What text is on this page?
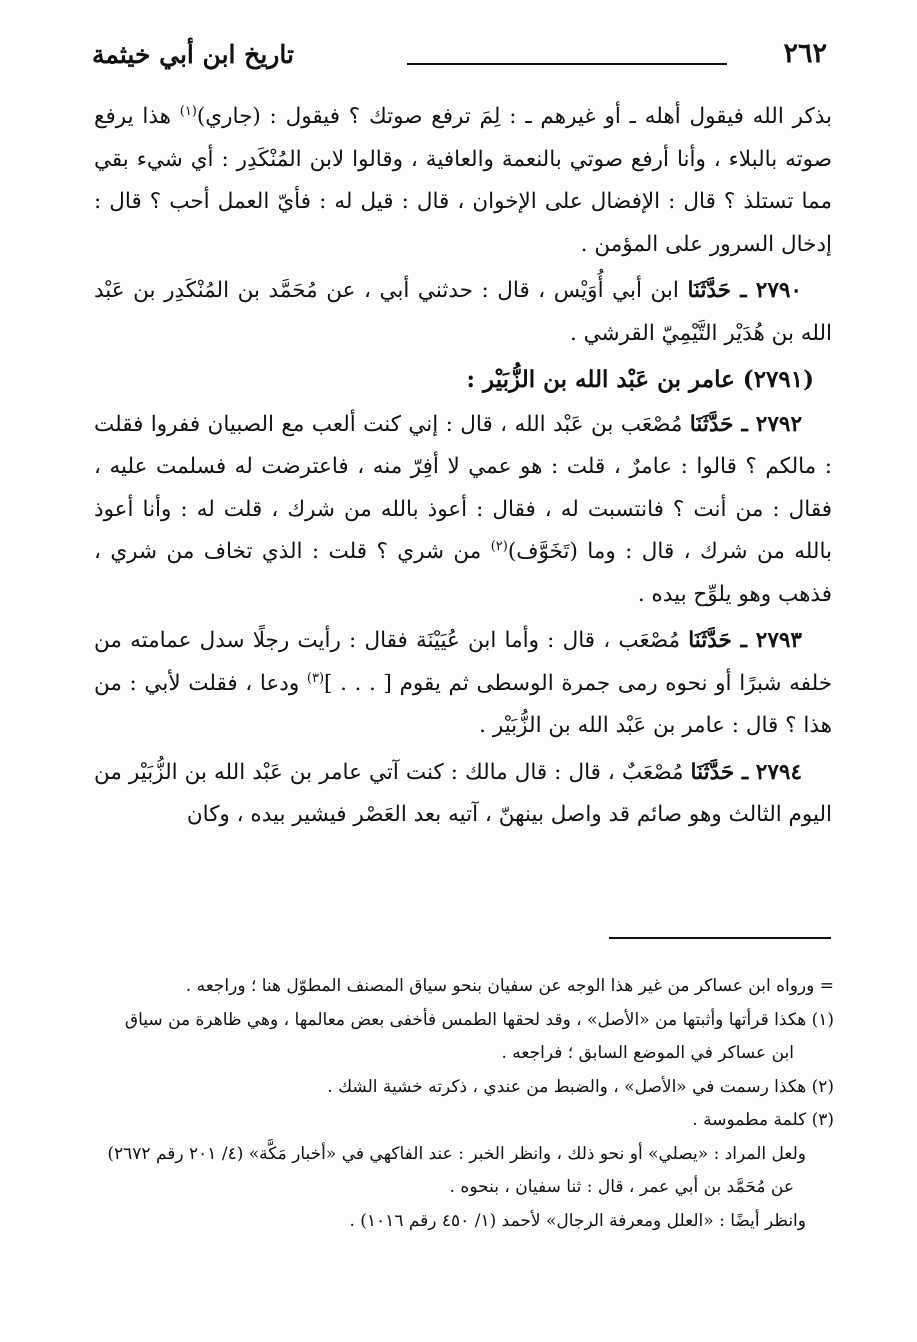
٢٦٢
تاريخ ابن أبي خيثمة

بذكر الله فيقول أهله ـ أو غيرهم ـ : لِمَ ترفع صوتك ؟ فيقول : (جاري)$^{(١)}$ هذا يرفع صوته بالبلاء ، وأنا أرفع صوتي بالنعمة والعافية ، وقالوا لابن المُنْكَدِر : أي شيء بقي مما تستلذ ؟ قال : الإفضال على الإخوان ، قال : قيل له : فأيّ العمل أحب ؟ قال : إدخال السرور على المؤمن .

٢٧٩٠ ـ حَدَّثَنَا ابن أبي أُوَيْس ، قال : حدثني أبي ، عن مُحَمَّد بن المُنْكَدِر بن عَبْد الله بن هُدَيْر التَّيْمِيّ القرشي .

(٢٧٩١) عامر بن عَبْد الله بن الزُّبَيْر :

٢٧٩٢ ـ حَدَّثَنَا مُصْعَب بن عَبْد الله ، قال : إني كنت ألعب مع الصبيان ففروا فقلت : مالكم ؟ قالوا : عامرٌ ، قلت : هو عمي لا أفِرّ منه ، فاعترضت له فسلمت عليه ، فقال : من أنت ؟ فانتسبت له ، فقال : أعوذ بالله من شرك ، قلت له : وأنا أعوذ بالله من شرك ، قال : وما (تَخَوَّف)$^{(٢)}$ من شري ؟ قلت : الذي تخاف من شري ، فذهب وهو يلوِّح بيده .

٢٧٩٣ ـ حَدَّثَنَا مُصْعَب ، قال : وأما ابن عُيَيْنَة فقال : رأيت رجلًا سدل عمامته من خلفه شبرًا أو نحوه رمى جمرة الوسطى ثم يقوم [ . . . ]$^{(٣)}$ ودعا ، فقلت لأبي : من هذا ؟ قال : عامر بن عَبْد الله بن الزُّبَيْر .

٢٧٩٤ ـ حَدَّثَنَا مُصْعَبٌ ، قال : قال مالك : كنت آتي عامر بن عَبْد الله بن الزُّبَيْر من اليوم الثالث وهو صائم قد واصل بينهنّ ، آتيه بعد العَصْر فيشير بيده ، وكان

= ورواه ابن عساكر من غير هذا الوجه عن سفيان بنحو سياق المصنف المطوّل هنا ؛ وراجعه .

(١) هكذا قرأتها وأثبتها من «الأصل» ، وقد لحقها الطمس فأخفى بعض معالمها ، وهي ظاهرة من سياق

ابن عساكر في الموضع السابق ؛ فراجعه .

(٢) هكذا رسمت في «الأصل» ، والضبط من عندي ، ذكرته خشية الشك .

(٣) كلمة مطموسة .

ولعل المراد : «يصلي» أو نحو ذلك ، وانظر الخبر : عند الفاكهي في «أخبار مَكَّة» (٤/ ٢٠١ رقم ٢٦٧٢)

عن مُحَمَّد بن أبي عمر ، قال : ثنا سفيان ، بنحوه .

وانظر أيضًا : «العلل ومعرفة الرجال» لأحمد (١/ ٤٥٠ رقم ١٠١٦) .
